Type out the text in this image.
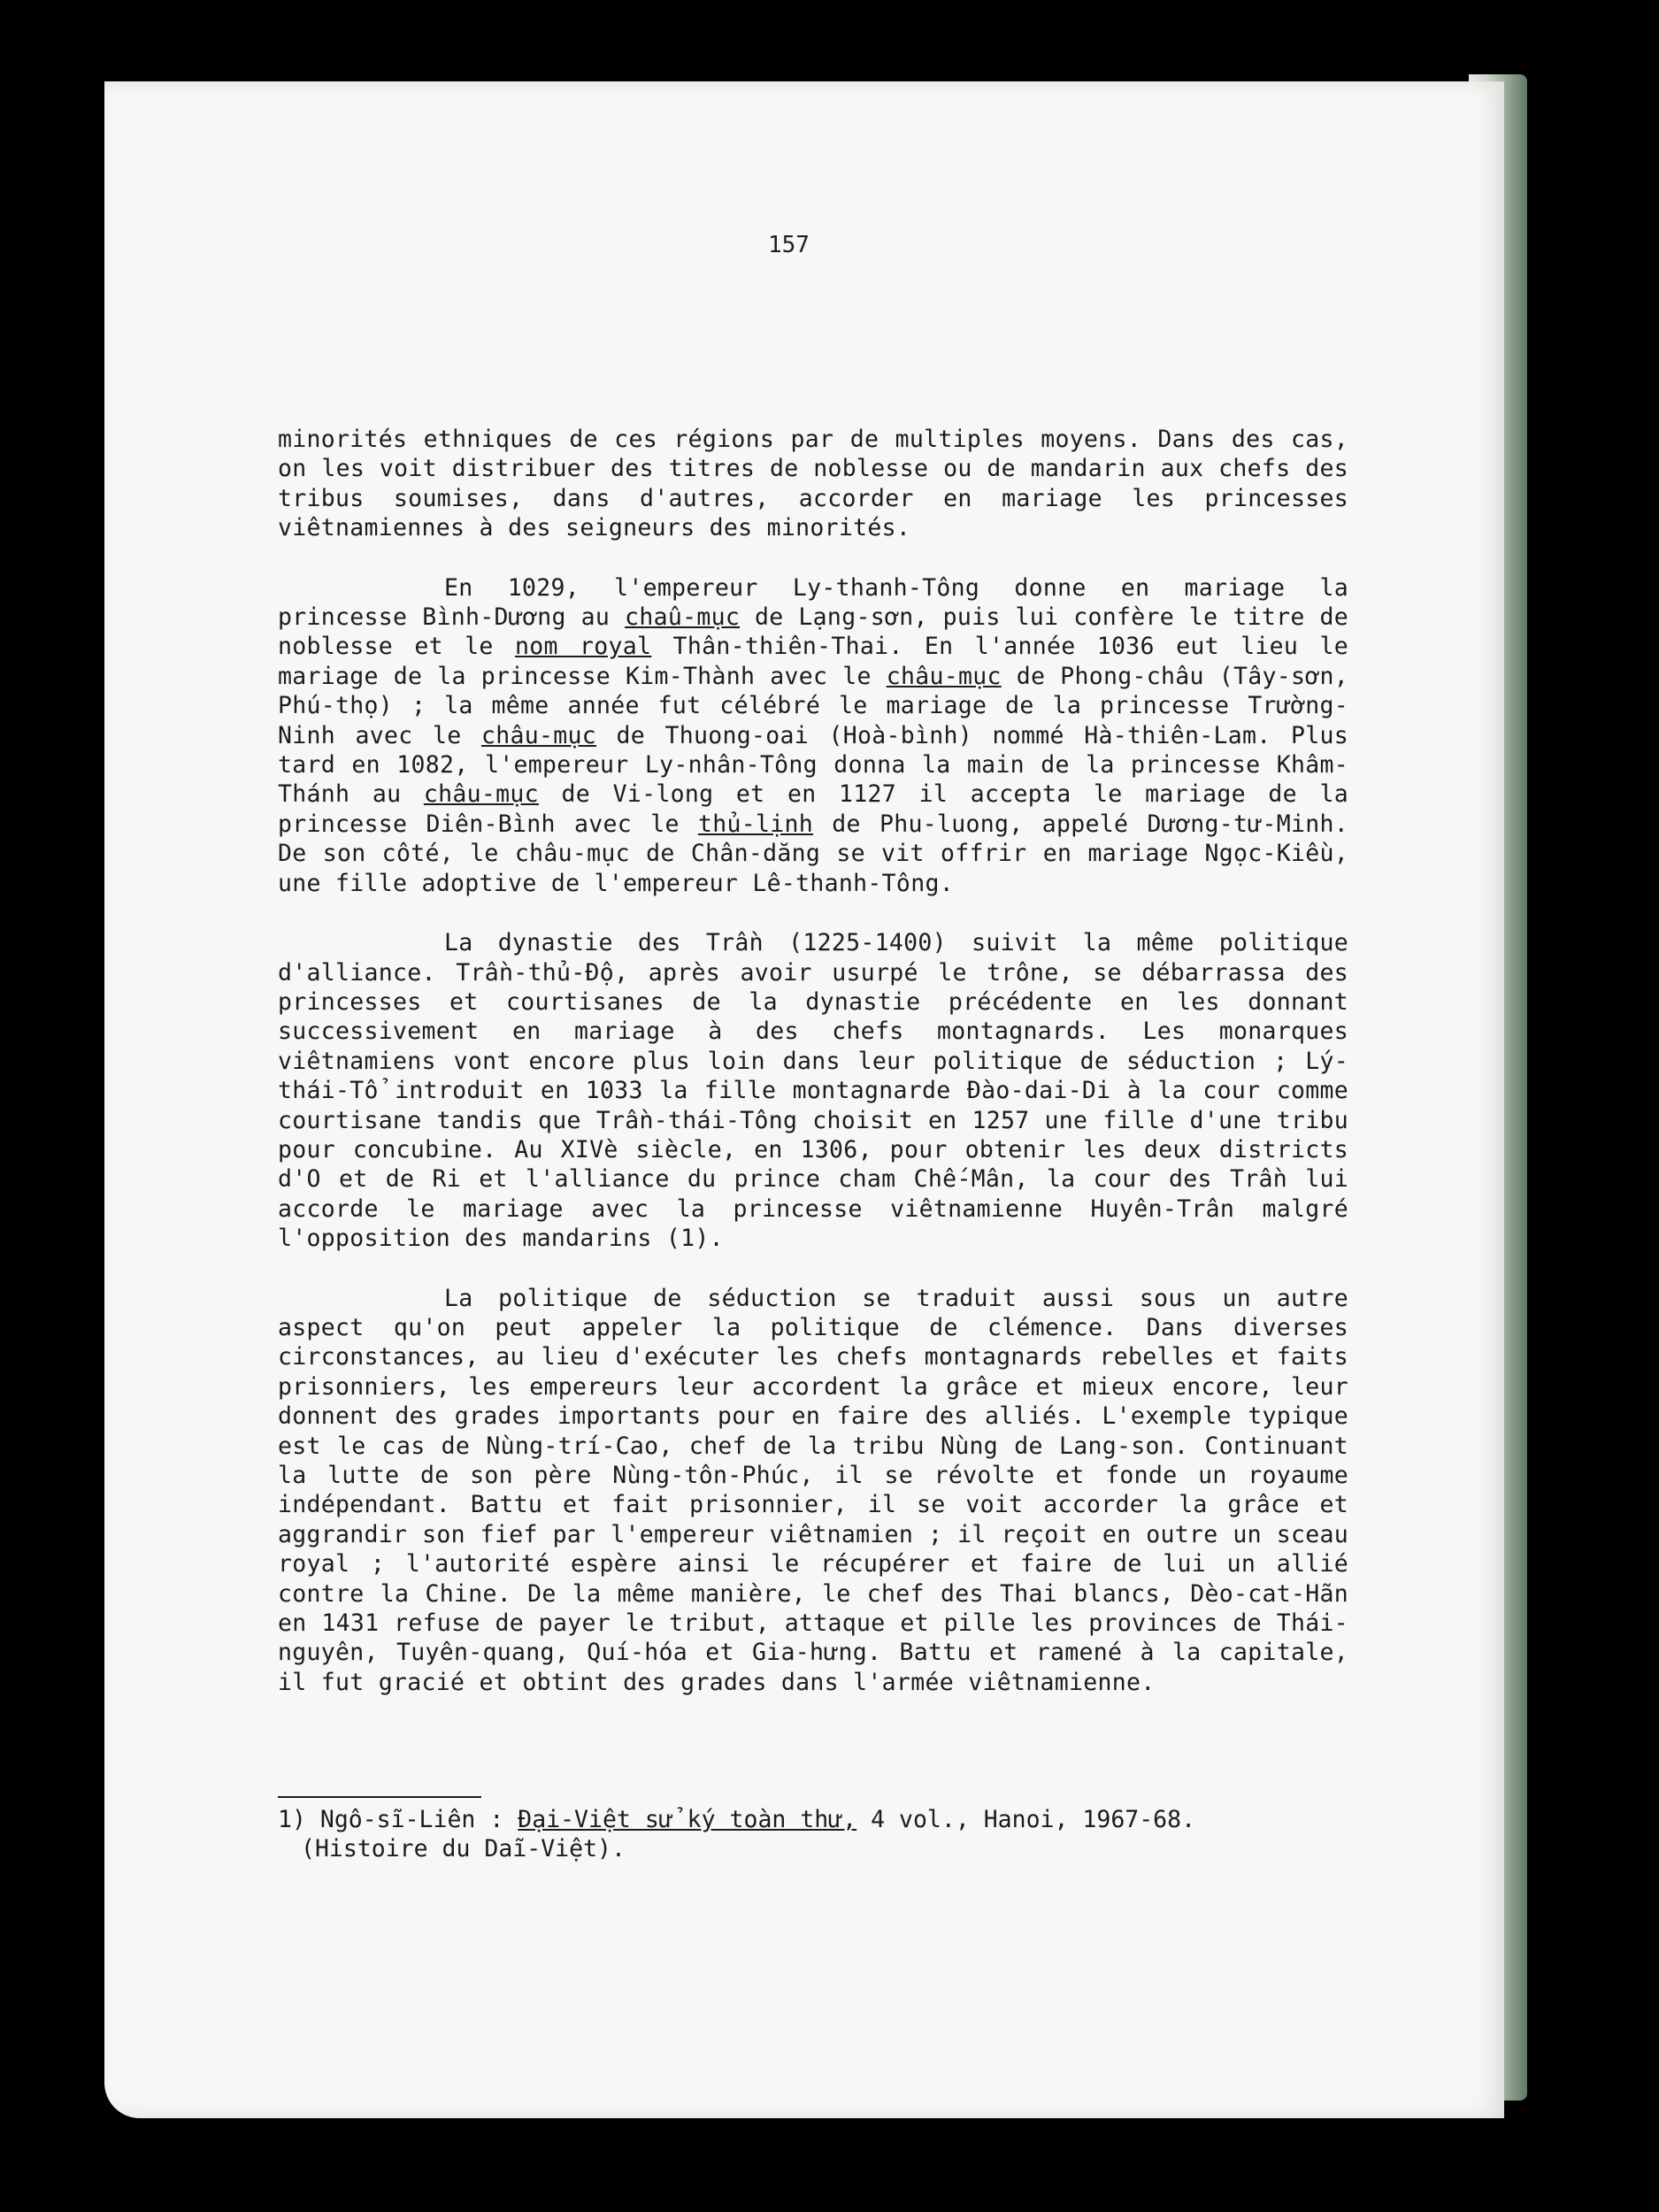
157

minorités ethniques de ces régions par de multiples moyens. Dans des cas, on les voit distribuer des titres de noblesse ou de mandarin aux chefs des tribus soumises, dans d'autres, accorder en mariage les princesses viêtnamiennes à des seigneurs des minorités.

En 1029, l'empereur Ly-thanh-Tông donne en mariage la princesse Bình-Dương au chaû-mục de Lạng-sơn, puis lui confère le titre de noblesse et le nom royal Thân-thiên-Thai. En l'année 1036 eut lieu le mariage de la princesse Kim-Thành avec le châu-mục de Phong-châu (Tây-sơn, Phú-thọ) ; la même année fut célébré le mariage de la princesse Trường-Ninh avec le châu-mục de Thuong-oai (Hoà-bình) nommé Hà-thiên-Lam. Plus tard en 1082, l'empereur Ly-nhân-Tông donna la main de la princesse Khâm-Thánh au châu-mục de Vi-long et en 1127 il accepta le mariage de la princesse Diên-Bình avec le thủ-lịnh de Phu-luong, appelé Dương-tư-Minh. De son côté, le châu-mục de Chân-dăng se vit offrir en mariage Ngọc-Kiều, une fille adoptive de l'empereur Lê-thanh-Tông.

La dynastie des Trần (1225-1400) suivit la même politique d'alliance. Trần-thủ-Độ, après avoir usurpé le trône, se débarrassa des princesses et courtisanes de la dynastie précédente en les donnant successivement en mariage à des chefs montagnards. Les monarques viêtnamiens vont encore plus loin dans leur politique de séduction ; Lý-thái-Tổ introduit en 1033 la fille montagnarde Đào-dai-Di à la cour comme courtisane tandis que Trần-thái-Tông choisit en 1257 une fille d'une tribu pour concubine. Au XIVè siècle, en 1306, pour obtenir les deux districts d'O et de Ri et l'alliance du prince cham Chế-Mân, la cour des Trần lui accorde le mariage avec la princesse viêtnamienne Huyên-Trân malgré l'opposition des mandarins (1).

La politique de séduction se traduit aussi sous un autre aspect qu'on peut appeler la politique de clémence. Dans diverses circonstances, au lieu d'exécuter les chefs montagnards rebelles et faits prisonniers, les empereurs leur accordent la grâce et mieux encore, leur donnent des grades importants pour en faire des alliés. L'exemple typique est le cas de Nùng-trí-Cao, chef de la tribu Nùng de Lang-son. Continuant la lutte de son père Nùng-tôn-Phúc, il se révolte et fonde un royaume indépendant. Battu et fait prisonnier, il se voit accorder la grâce et aggrandir son fief par l'empereur viêtnamien ; il reçoit en outre un sceau royal ; l'autorité espère ainsi le récupérer et faire de lui un allié contre la Chine. De la même manière, le chef des Thai blancs, Dèo-cat-Hãn en 1431 refuse de payer le tribut, attaque et pille les provinces de Thái-nguyên, Tuyên-quang, Quí-hóa et Gia-hưng. Battu et ramené à la capitale, il fut gracié et obtint des grades dans l'armée viêtnamienne.

1) Ngô-sĩ-Liên : Đại-Việt sử ký toàn thư, 4 vol., Hanoi, 1967-68.
(Histoire du Daĩ-Việt).
